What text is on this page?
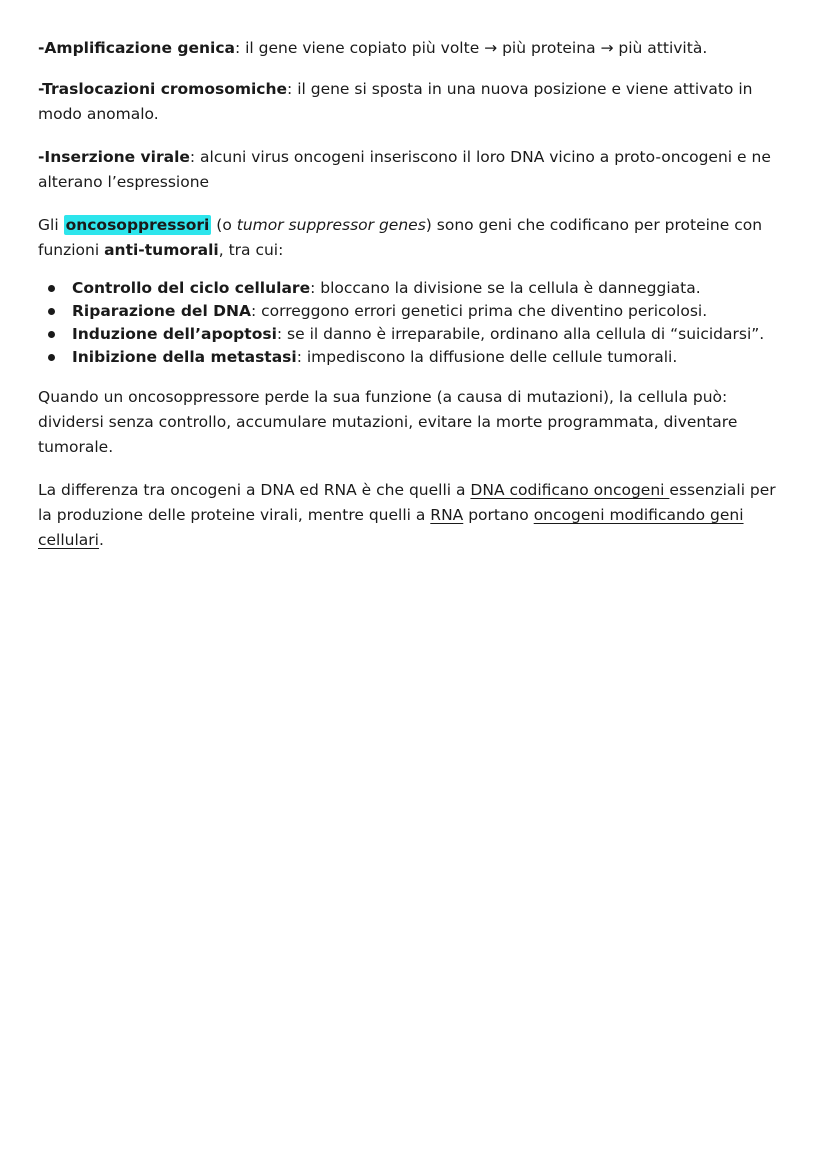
-Amplificazione genica: il gene viene copiato più volte → più proteina → più attività.

-Traslocazioni cromosomiche: il gene si sposta in una nuova posizione e viene attivato in modo anomalo.

-Inserzione virale: alcuni virus oncogeni inseriscono il loro DNA vicino a proto-oncogeni e ne alterano l’espressione

Gli oncosoppressori (o tumor suppressor genes) sono geni che codificano per proteine con funzioni anti-tumorali, tra cui:

Controllo del ciclo cellulare: bloccano la divisione se la cellula è danneggiata.
Riparazione del DNA: correggono errori genetici prima che diventino pericolosi.
Induzione dell’apoptosi: se il danno è irreparabile, ordinano alla cellula di “suicidarsi”.
Inibizione della metastasi: impediscono la diffusione delle cellule tumorali.

Quando un oncosoppressore perde la sua funzione (a causa di mutazioni), la cellula può: dividersi senza controllo, accumulare mutazioni, evitare la morte programmata, diventare tumorale.

La differenza tra oncogeni a DNA ed RNA è che quelli a DNA codificano oncogeni essenziali per la produzione delle proteine virali, mentre quelli a RNA portano oncogeni modificando geni cellulari.
